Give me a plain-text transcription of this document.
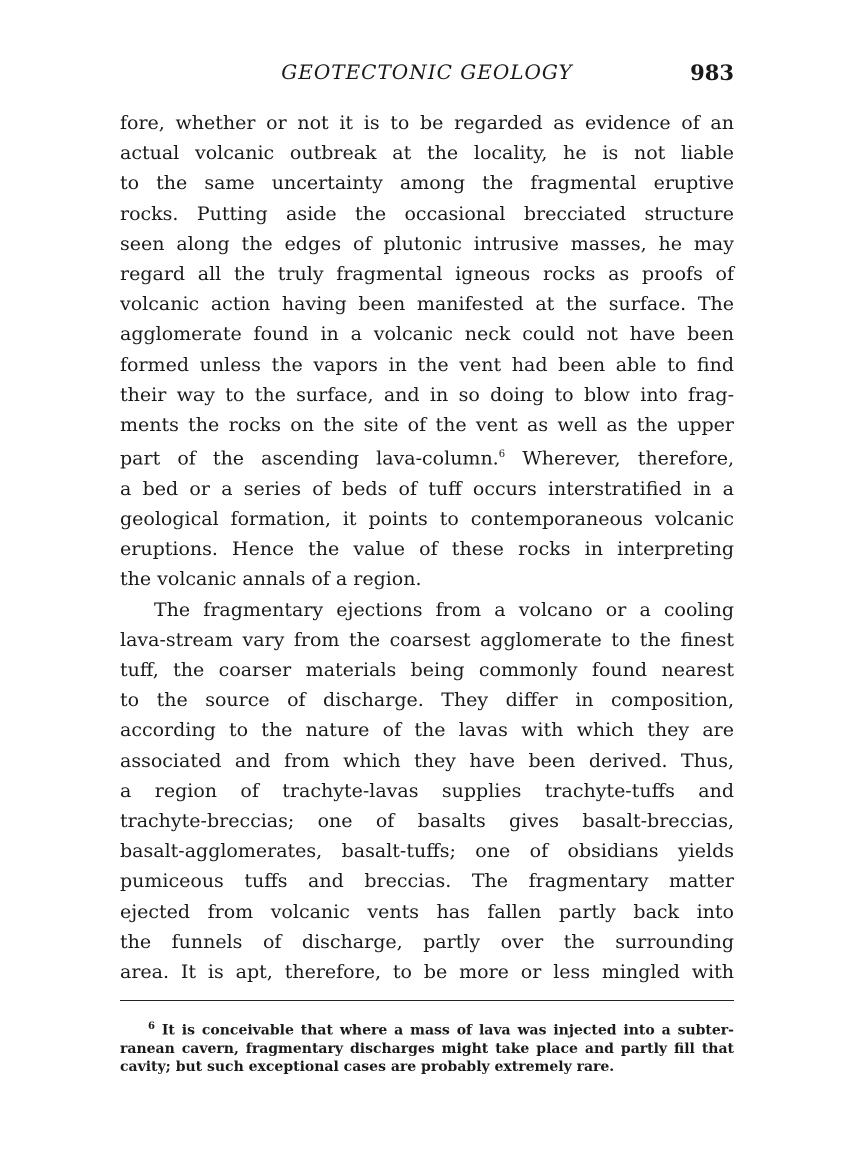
GEOTECTONIC GEOLOGY	983
fore, whether or not it is to be regarded as evidence of an
actual volcanic outbreak at the locality, he is not liable
to the same uncertainty among the fragmental eruptive
rocks. Putting aside the occasional brecciated structure
seen along the edges of plutonic intrusive masses, he may
regard all the truly fragmental igneous rocks as proofs of
volcanic action having been manifested at the surface. The
agglomerate found in a volcanic neck could not have been
formed unless the vapors in the vent had been able to find
their way to the surface, and in so doing to blow into frag-
ments the rocks on the site of the vent as well as the upper
part of the ascending lava-column.$^6$ Wherever, therefore,
a bed or a series of beds of tuff occurs interstratified in a
geological formation, it points to contemporaneous volcanic
eruptions. Hence the value of these rocks in interpreting
the volcanic annals of a region.
The fragmentary ejections from a volcano or a cooling
lava-stream vary from the coarsest agglomerate to the finest
tuff, the coarser materials being commonly found nearest
to the source of discharge. They differ in composition,
according to the nature of the lavas with which they are
associated and from which they have been derived. Thus,
a region of trachyte-lavas supplies trachyte-tuffs and
trachyte-breccias; one of basalts gives basalt-breccias,
basalt-agglomerates, basalt-tuffs; one of obsidians yields
pumiceous tuffs and breccias. The fragmentary matter
ejected from volcanic vents has fallen partly back into
the funnels of discharge, partly over the surrounding
area. It is apt, therefore, to be more or less mingled with
$^6$ It is conceivable that where a mass of lava was injected into a subter-
ranean cavern, fragmentary discharges might take place and partly fill that
cavity; but such exceptional cases are probably extremely rare.
